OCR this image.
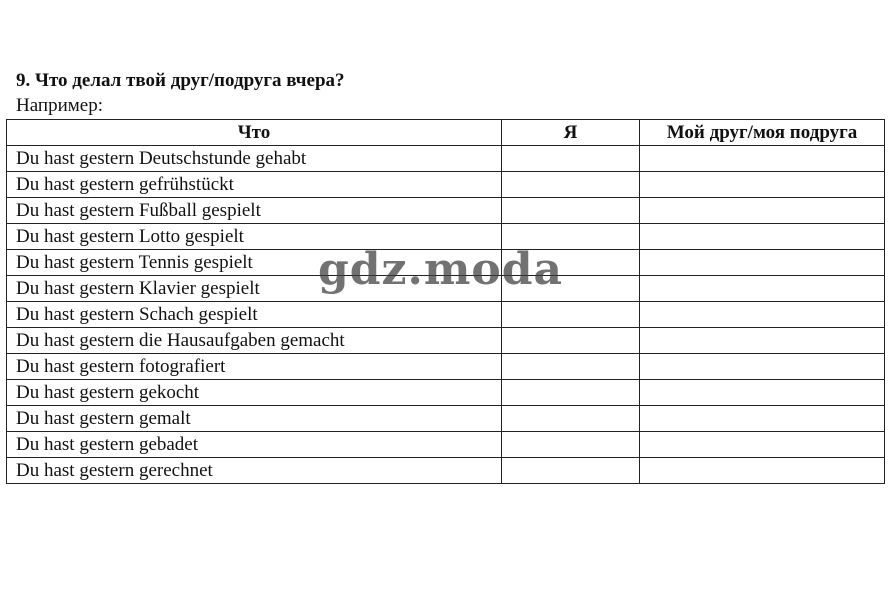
9. Что делал твой друг/подруга вчера?
Например:
Что	Я	Мой друг/моя подруга
Du hast gestern Deutschstunde gehabt		
Du hast gestern gefrühstückt		
Du hast gestern Fußball gespielt		
Du hast gestern Lotto gespielt		
Du hast gestern Tennis gespielt		
Du hast gestern Klavier gespielt		
Du hast gestern Schach gespielt		
Du hast gestern die Hausaufgaben gemacht		
Du hast gestern fotografiert		
Du hast gestern gekocht		
Du hast gestern gemalt		
Du hast gestern gebadet		
Du hast gestern gerechnet		
gdz.moda
